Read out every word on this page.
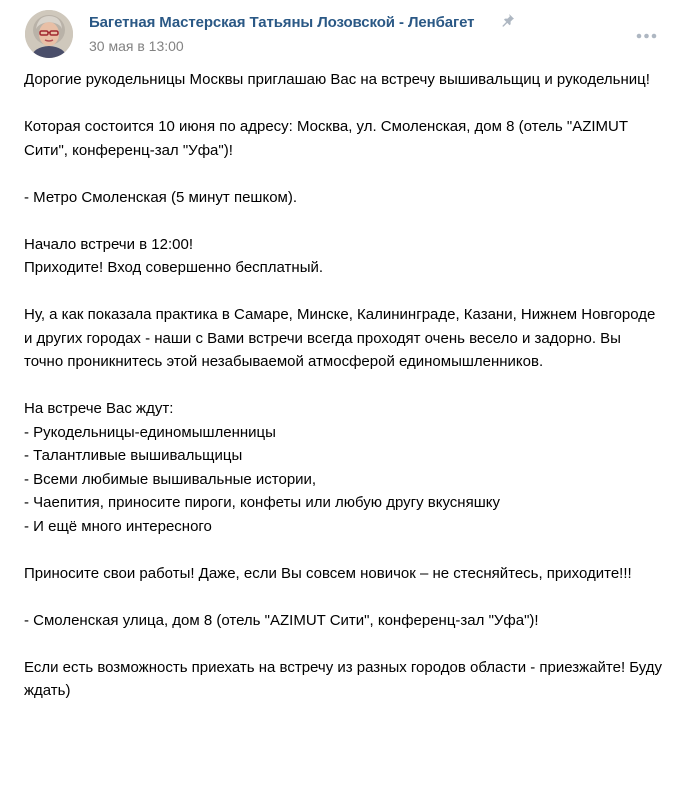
Багетная Мастерская Татьяны Лозовской - Ленбагет
30 мая в 13:00

Дорогие рукодельницы Москвы приглашаю Вас на встречу вышивальщиц и рукодельниц!

Которая состоится 10 июня по адресу: Москва, ул. Смоленская, дом 8 (отель "AZIMUT Сити", конференц-зал "Уфа")!

- Метро Смоленская (5 минут пешком).

Начало встречи в 12:00!
Приходите! Вход совершенно бесплатный.

Ну, а как показала практика в Самаре, Минске, Калининграде, Казани, Нижнем Новгороде и других городах - наши с Вами встречи всегда проходят очень весело и задорно. Вы точно проникнитесь этой незабываемой атмосферой единомышленников.

На встрече Вас ждут:
- Рукодельницы-единомышленницы
- Талантливые вышивальщицы
- Всеми любимые вышивальные истории,
- Чаепития, приносите пироги, конфеты или любую другу вкусняшку
- И ещё много интересного

Приносите свои работы! Даже, если Вы совсем новичок – не стесняйтесь, приходите!!!

- Смоленская улица, дом 8 (отель "AZIMUT Сити", конференц-зал "Уфа")!

Если есть возможность приехать на встречу из разных городов области - приезжайте! Буду ждать)
